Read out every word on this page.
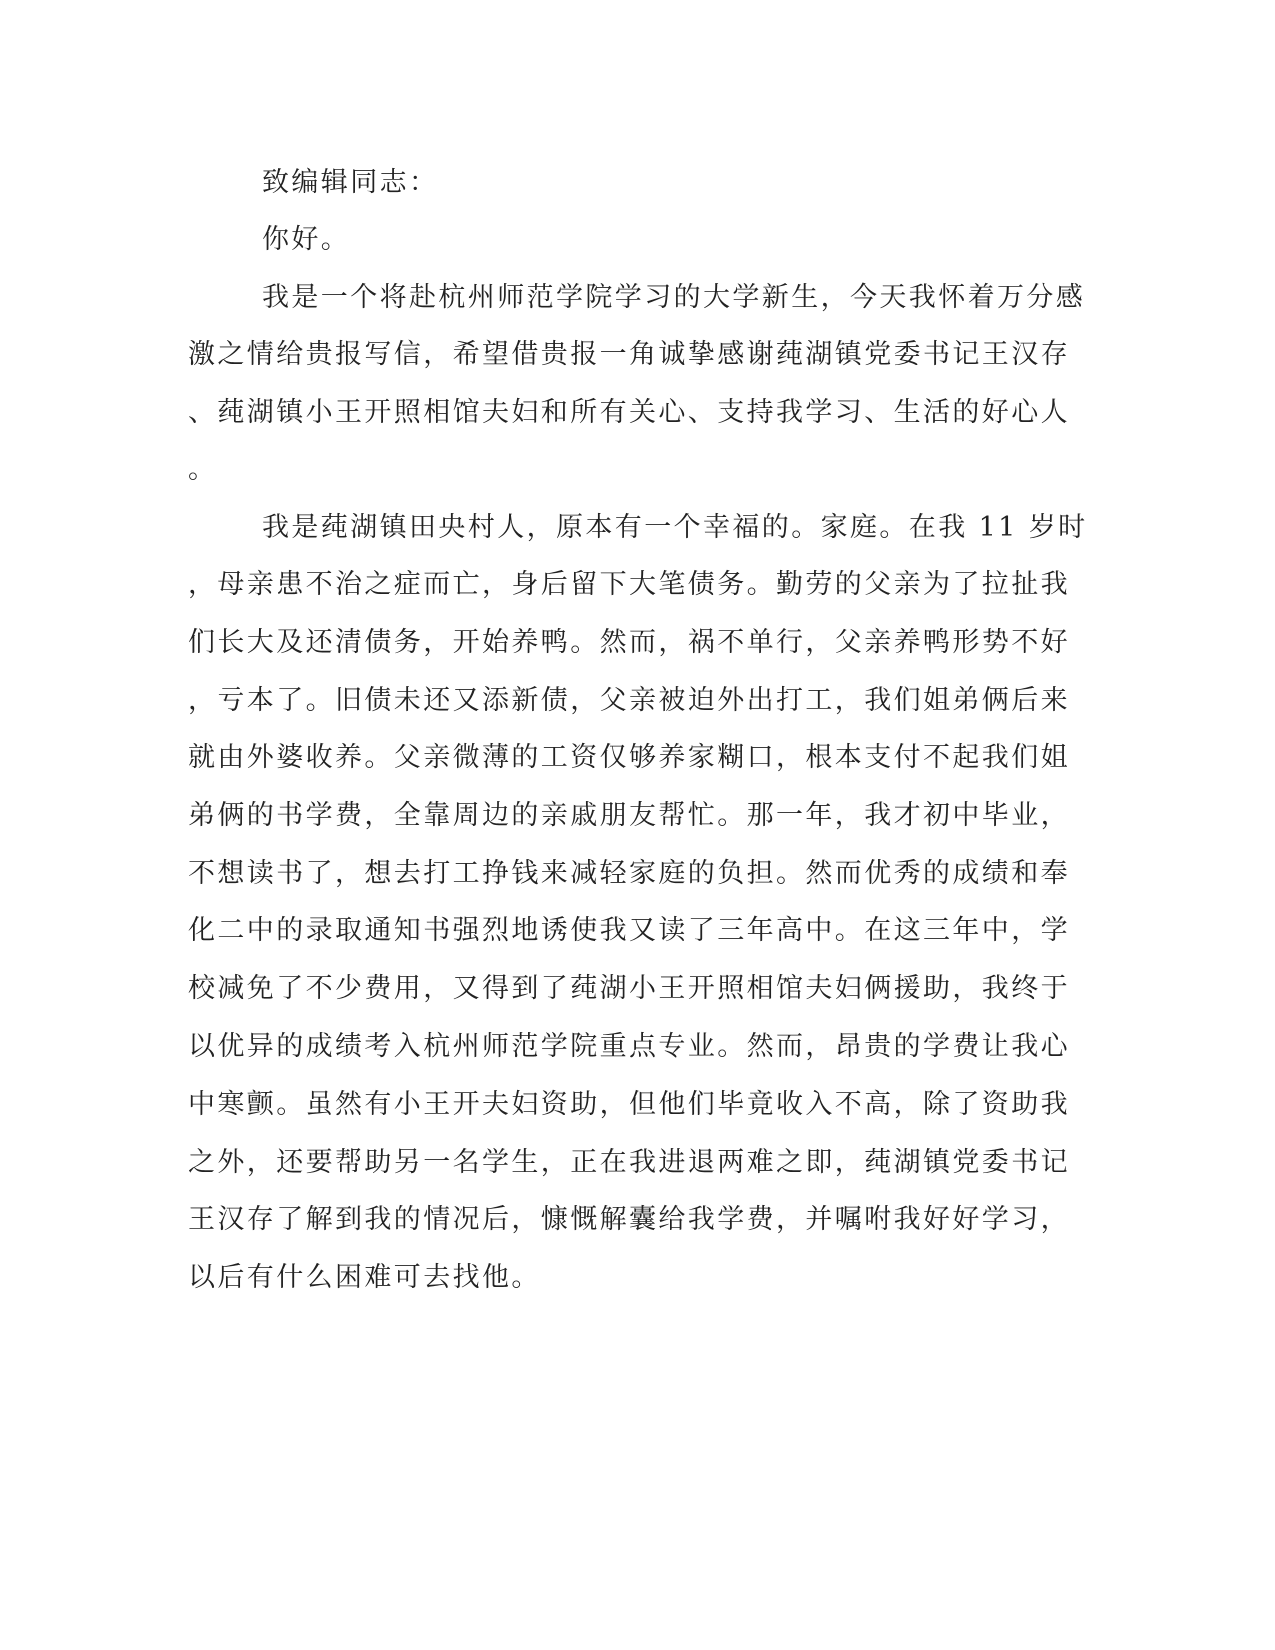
致编辑同志：
你好。
我是一个将赴杭州师范学院学习的大学新生，今天我怀着万分感
激之情给贵报写信，希望借贵报一角诚挚感谢莼湖镇党委书记王汉存
、莼湖镇小王开照相馆夫妇和所有关心、支持我学习、生活的好心人
。
我是莼湖镇田央村人，原本有一个幸福的。家庭。在我 11 岁时
，母亲患不治之症而亡，身后留下大笔债务。勤劳的父亲为了拉扯我
们长大及还清债务，开始养鸭。然而，祸不单行，父亲养鸭形势不好
，亏本了。旧债未还又添新债，父亲被迫外出打工，我们姐弟俩后来
就由外婆收养。父亲微薄的工资仅够养家糊口，根本支付不起我们姐
弟俩的书学费，全靠周边的亲戚朋友帮忙。那一年，我才初中毕业，
不想读书了，想去打工挣钱来减轻家庭的负担。然而优秀的成绩和奉
化二中的录取通知书强烈地诱使我又读了三年高中。在这三年中，学
校减免了不少费用，又得到了莼湖小王开照相馆夫妇俩援助，我终于
以优异的成绩考入杭州师范学院重点专业。然而，昂贵的学费让我心
中寒颤。虽然有小王开夫妇资助，但他们毕竟收入不高，除了资助我
之外，还要帮助另一名学生，正在我进退两难之即，莼湖镇党委书记
王汉存了解到我的情况后，慷慨解囊给我学费，并嘱咐我好好学习，
以后有什么困难可去找他。
